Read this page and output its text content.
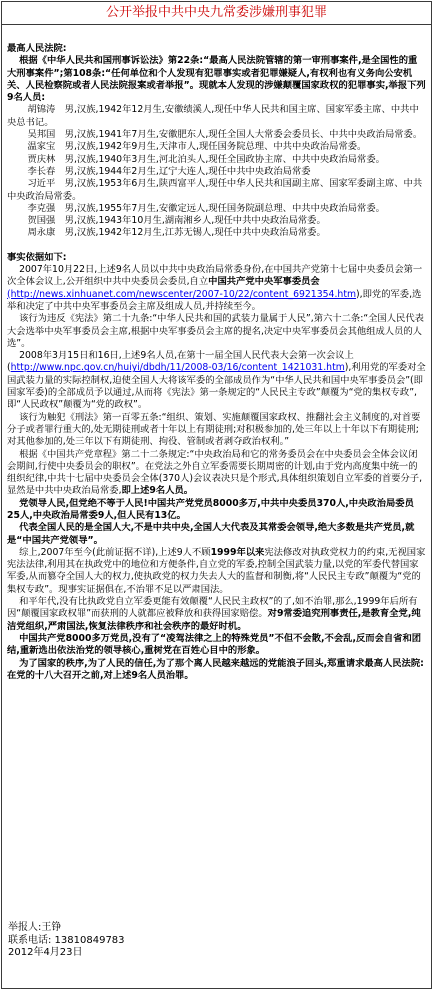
公开举报中共中央九常委涉嫌刑事犯罪

最高人民法院:

根据《中华人民共和国刑事诉讼法》第22条:“最高人民法院管辖的第一审刑事案件,是全国性的重大刑事案件”;第108条:“任何单位和个人发现有犯罪事实或者犯罪嫌疑人,有权利也有义务向公安机关、人民检察院或者人民法院报案或者举报”。现就本人发现的涉嫌颠覆国家政权的犯罪事实,举报下列9名人员:

胡锦涛　男,汉族,1942年12月生,安徽绩溪人,现任中华人民共和国主席、国家军委主席、中共中央总书记。

吴邦国　男,汉族,1941年7月生,安徽肥东人,现任全国人大常委会委员长、中共中央政治局常委。

温家宝　男,汉族,1942年9月生,天津市人,现任国务院总理、中共中央政治局常委。

贾庆林　男,汉族,1940年3月生,河北泊头人,现任全国政协主席、中共中央政治局常委。

李长春　男,汉族,1944年2月生,辽宁大连人,现任中共中央政治局常委

习近平　男,汉族,1953年6月生,陕西富平人,现任中华人民共和国副主席、国家军委副主席、中共中央政治局常委。

李克强　男,汉族,1955年7月生,安徽定远人,现任国务院副总理、中共中央政治局常委。

贺国强　男,汉族,1943年10月生,湖南湘乡人,现任中共中央政治局常委。

周永康　男,汉族,1942年12月生,江苏无锡人,现任中共中央政治局常委。

事实依据如下:

2007年10月22日,上述9名人员以中共中央政治局常委身份,在中国共产党第十七届中央委员会第一次全体会议上,公开组织中共中央委员会委员,自立中国共产党中央军事委员会(http://news.xinhuanet.com/newscenter/2007-10/22/content_6921354.htm),即党的军委,选举和决定了中共中央军事委员会主席及组成人员,并持续至今。

该行为违反《宪法》第二十九条:“中华人民共和国的武装力量属于人民”,第六十二条:“全国人民代表大会选举中央军事委员会主席,根据中央军事委员会主席的提名,决定中央军事委员会其他组成人员的人选”。

2008年3月15日和16日,上述9名人员,在第十一届全国人民代表大会第一次会议上(http://www.npc.gov.cn/huiyi/dbdh/11/2008-03/16/content_1421031.htm),利用党的军委对全国武装力量的实际控制权,迫使全国人大将该军委的全部成员作为“中华人民共和国中央军事委员会”(即国家军委)的全部成员予以通过,从而将《宪法》第一条规定的“人民民主专政”颠覆为“党的集权专政”,即“人民政权”颠覆为“党的政权”。

该行为触犯《刑法》第一百零五条:“组织、策划、实施颠覆国家政权、推翻社会主义制度的,对首要分子或者罪行重大的,处无期徒刑或者十年以上有期徒刑;对积极参加的,处三年以上十年以下有期徒刑;对其他参加的,处三年以下有期徒刑、拘役、管制或者剥夺政治权利。”

根据《中国共产党章程》第二十二条规定:“中央政治局和它的常务委员会在中央委员会全体会议闭会期间,行使中央委员会的职权”。在党法之外自立军委需要长期周密的计划,由于党内高度集中统一的组织纪律,中共十七届中央委员会全体(370人)会议表决只是个形式,具体组织策划自立军委的首要分子,显然是中共中央政治局常委,即上述9名人员。

党领导人民,但党绝不等于人民!中国共产党党员8000多万,中共中央委员370人,中央政治局委员25人,中央政治局常委9人,但人民有13亿。

代表全国人民的是全国人大,不是中共中央,全国人大代表及其常委会领导,绝大多数是共产党员,就是“中国共产党领导”。

综上,2007年至今(此前证据不详),上述9人不顾1999年以来宪法修改对执政党权力的约束,无视国家宪法法律,利用其在执政党中的地位和方便条件,自立党的军委,控制全国武装力量,以党的军委代替国家军委,从而篡夺全国人大的权力,使执政党的权力失去人大的监督和制衡,将“人民民主专政”颠覆为“党的集权专政”。现事实证据俱在,不治罪不足以严肃国法。

和平年代,没有比执政党自立军委更能有效颠覆“人民民主政权”的了,如不治罪,那么,1999年后所有因“颠覆国家政权罪”而获刑的人就都应被释放和获得国家赔偿。对9常委追究刑事责任,是教育全党,纯洁党组织,严肃国法,恢复法律秩序和社会秩序的最好时机。

中国共产党8000多万党员,没有了“凌驾法律之上的特殊党员”不但不会散,不会乱,反而会自省和团结,重新选出依法治党的领导核心,重树党在百姓心目中的形象。

为了国家的秩序,为了人民的信任,为了那个离人民越来越远的党能浪子回头,郑重请求最高人民法院:在党的十八大召开之前,对上述9名人员治罪。

举报人:王铮
联系电话: 13810849783
2012年4月23日
